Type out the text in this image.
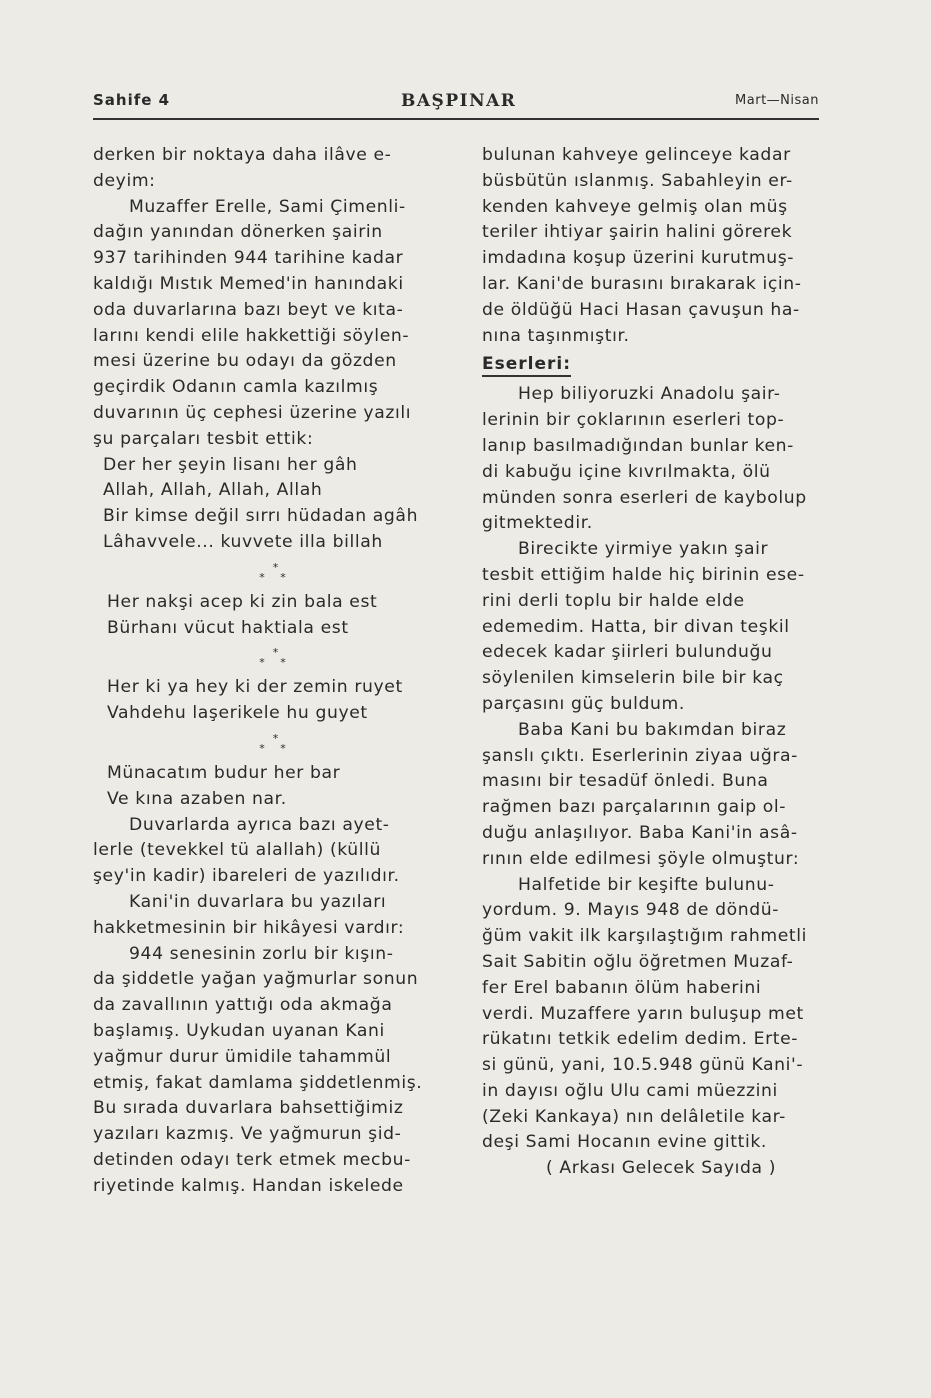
Sahife 4	BAŞPINAR	Mart—Nisan
derken bir noktaya daha ilâve e-
deyim:
Muzaffer Erelle, Sami Çimenli-
dağın yanından dönerken şairin
937 tarihinden 944 tarihine kadar
kaldığı Mıstık Memed'in hanındaki
oda duvarlarına bazı beyt ve kıta-
larını kendi elile hakkettiği söylen-
mesi üzerine bu odayı da gözden
geçirdik Odanın camla kazılmış
duvarının üç cephesi üzerine yazılı
şu parçaları tesbit ettik:
Der her şeyin lisanı her gâh
Allah, Allah, Allah, Allah
Bir kimse değil sırrı hüdadan agâh
Lâhavvele... kuvvete illa billah
*
* *
Her nakşi acep ki zin bala est
Bürhanı vücut haktiala est
*
* *
Her ki ya hey ki der zemin ruyet
Vahdehu laşerikele hu guyet
*
* *
Münacatım budur her bar
Ve kına azaben nar.
Duvarlarda ayrıca bazı ayet-
lerle (tevekkel tü alallah) (küllü
şey'in kadir) ibareleri de yazılıdır.
Kani'in duvarlara bu yazıları
hakketmesinin bir hikâyesi vardır:
944 senesinin zorlu bir kışın-
da şiddetle yağan yağmurlar sonun
da zavallının yattığı oda akmağa
başlamış. Uykudan uyanan Kani
yağmur durur ümidile tahammül
etmiş, fakat damlama şiddetlenmiş.
Bu sırada duvarlara bahsettiğimiz
yazıları kazmış. Ve yağmurun şid-
detinden odayı terk etmek mecbu-
riyetinde kalmış. Handan iskelede
bulunan kahveye gelinceye kadar
büsbütün ıslanmış. Sabahleyin er-
kenden kahveye gelmiş olan müş
teriler ihtiyar şairin halini görerek
imdadına koşup üzerini kurutmuş-
lar. Kani'de burasını bırakarak için-
de öldüğü Haci Hasan çavuşun ha-
nına taşınmıştır.
Eserleri:
Hep biliyoruzki Anadolu şair-
lerinin bir çoklarının eserleri top-
lanıp basılmadığından bunlar ken-
di kabuğu içine kıvrılmakta, ölü
münden sonra eserleri de kaybolup
gitmektedir.
Birecikte yirmiye yakın şair
tesbit ettiğim halde hiç birinin ese-
rini derli toplu bir halde elde
edemedim. Hatta, bir divan teşkil
edecek kadar şiirleri bulunduğu
söylenilen kimselerin bile bir kaç
parçasını güç buldum.
Baba Kani bu bakımdan biraz
şanslı çıktı. Eserlerinin ziyaa uğra-
masını bir tesadüf önledi. Buna
rağmen bazı parçalarının gaip ol-
duğu anlaşılıyor. Baba Kani'in asâ-
rının elde edilmesi şöyle olmuştur:
Halfetide bir keşifte bulunu-
yordum. 9. Mayıs 948 de döndü-
ğüm vakit ilk karşılaştığım rahmetli
Sait Sabitin oğlu öğretmen Muzaf-
fer Erel babanın ölüm haberini
verdi. Muzaffere yarın buluşup met
rükatını tetkik edelim dedim. Erte-
si günü, yani, 10.5.948 günü Kani'-
in dayısı oğlu Ulu cami müezzini
(Zeki Kankaya) nın delâletile kar-
deşi Sami Hocanın evine gittik.
( Arkası Gelecek Sayıda )
